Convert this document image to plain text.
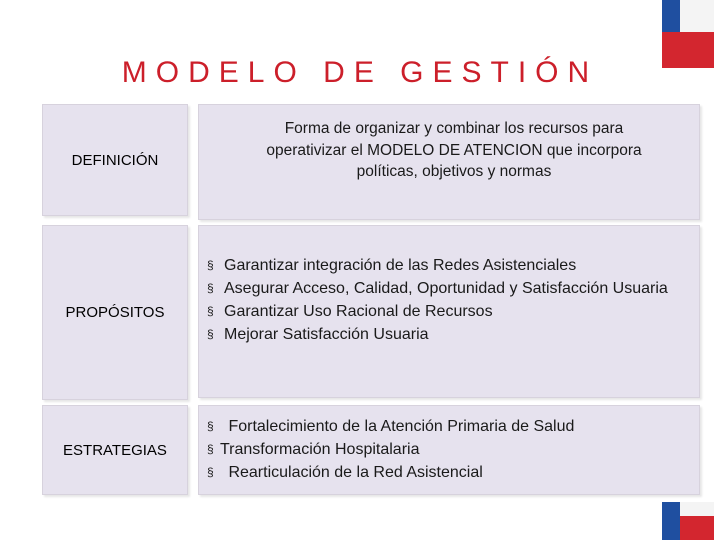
MODELO DE GESTIÓN
DEFINICIÓN
Forma de organizar y combinar los recursos para operativizar el MODELO DE ATENCION que incorpora políticas, objetivos y normas
PROPÓSITOS
§ Garantizar integración de las Redes Asistenciales
§ Asegurar Acceso, Calidad, Oportunidad y Satisfacción Usuaria
§ Garantizar Uso Racional de Recursos
§ Mejorar Satisfacción Usuaria
ESTRATEGIAS
§ Fortalecimiento de la Atención Primaria de Salud
§ Transformación Hospitalaria
§ Rearticulación de la Red Asistencial
